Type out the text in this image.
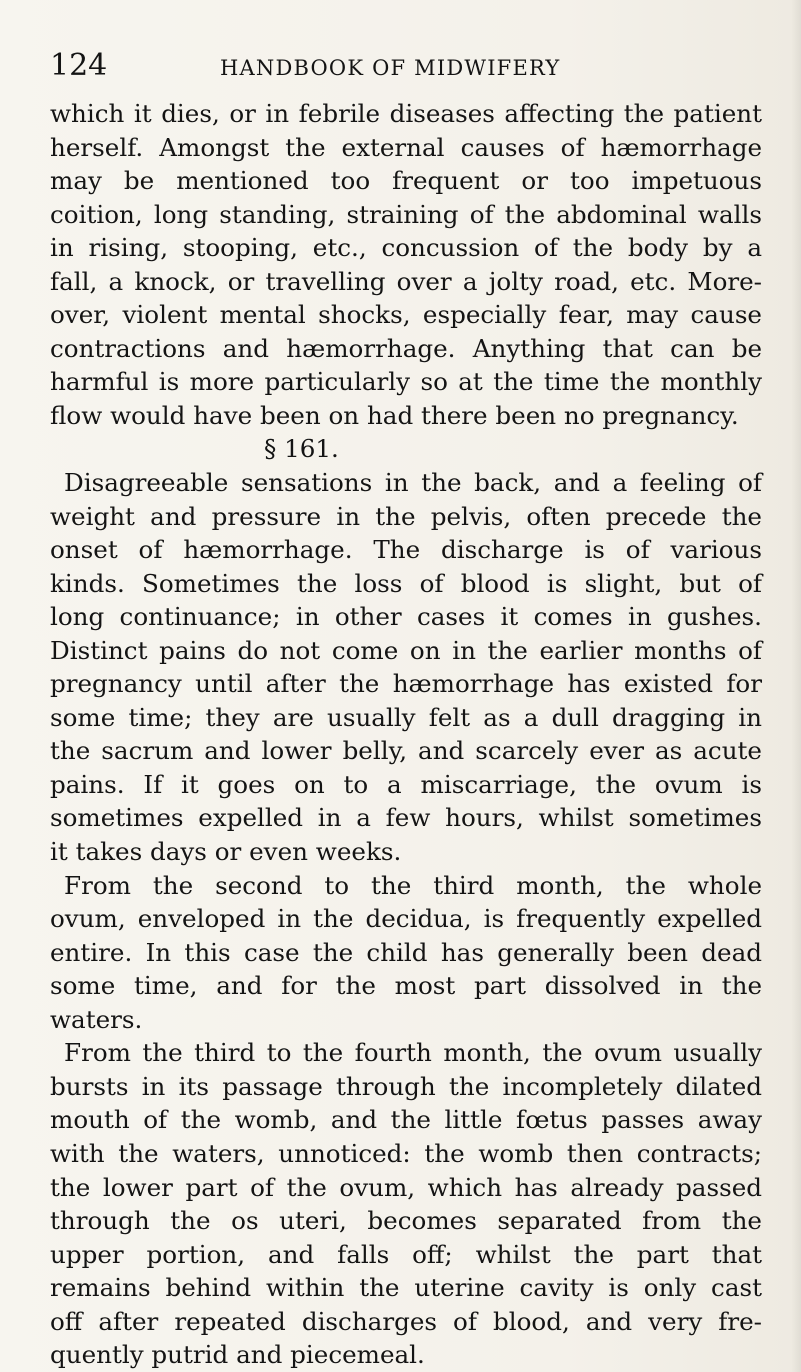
124	HANDBOOK OF MIDWIFERY
which it dies, or in febrile diseases affecting the patient
herself. Amongst the external causes of hæmorrhage
may be mentioned too frequent or too impetuous
coition, long standing, straining of the abdominal walls
in rising, stooping, etc., concussion of the body by a
fall, a knock, or travelling over a jolty road, etc. More-
over, violent mental shocks, especially fear, may cause
contractions and hæmorrhage. Anything that can be
harmful is more particularly so at the time the monthly
flow would have been on had there been no pregnancy.
§ 161.
Disagreeable sensations in the back, and a feeling of
weight and pressure in the pelvis, often precede the
onset of hæmorrhage. The discharge is of various
kinds. Sometimes the loss of blood is slight, but of
long continuance; in other cases it comes in gushes.
Distinct pains do not come on in the earlier months of
pregnancy until after the hæmorrhage has existed for
some time; they are usually felt as a dull dragging in
the sacrum and lower belly, and scarcely ever as acute
pains. If it goes on to a miscarriage, the ovum is
sometimes expelled in a few hours, whilst sometimes
it takes days or even weeks.
From the second to the third month, the whole
ovum, enveloped in the decidua, is frequently expelled
entire. In this case the child has generally been dead
some time, and for the most part dissolved in the
waters.
From the third to the fourth month, the ovum usually
bursts in its passage through the incompletely dilated
mouth of the womb, and the little fœtus passes away
with the waters, unnoticed: the womb then contracts;
the lower part of the ovum, which has already passed
through the os uteri, becomes separated from the
upper portion, and falls off; whilst the part that
remains behind within the uterine cavity is only cast
off after repeated discharges of blood, and very fre-
quently putrid and piecemeal.
